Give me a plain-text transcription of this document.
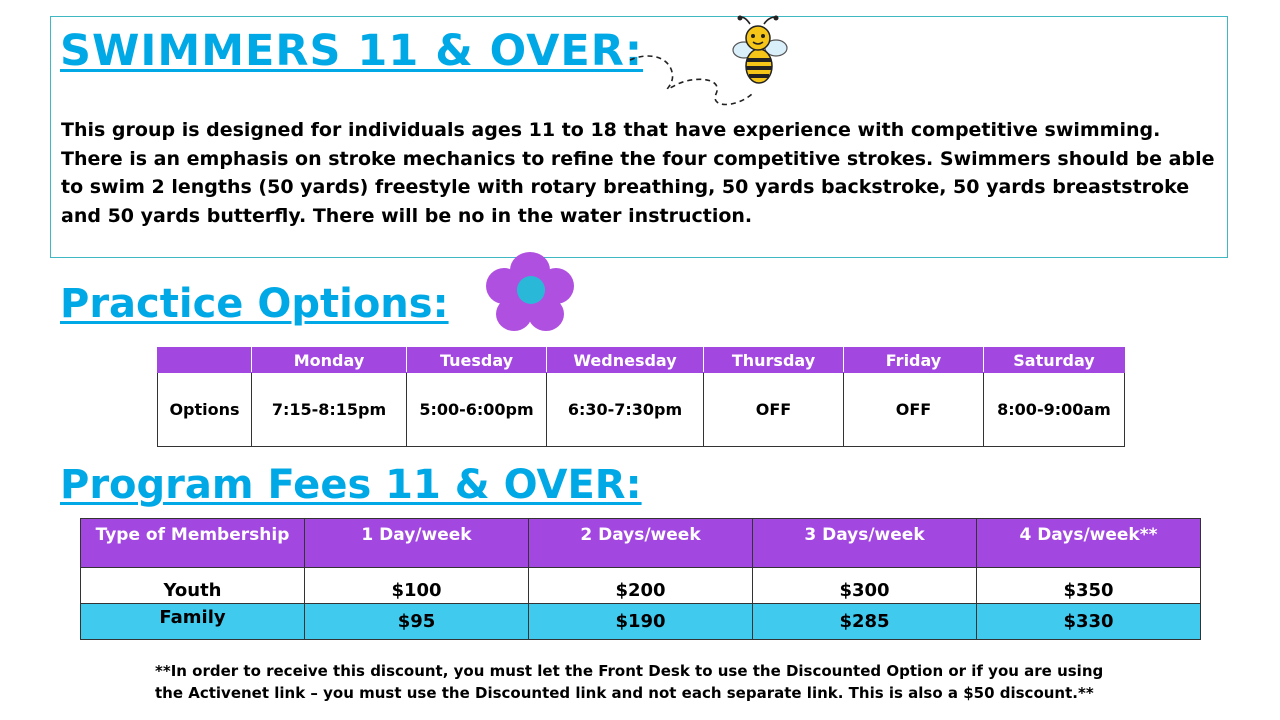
SWIMMERS 11 & OVER:

This group is designed for individuals ages 11 to 18 that have experience with competitive swimming. There is an emphasis on stroke mechanics to refine the four competitive strokes. Swimmers should be able to swim 2 lengths (50 yards) freestyle with rotary breathing, 50 yards backstroke, 50 yards breaststroke and 50 yards butterfly. There will be no in the water instruction.

Practice Options:
	Monday	Tuesday	Wednesday	Thursday	Friday	Saturday
Options	7:15-8:15pm	5:00-6:00pm	6:30-7:30pm	OFF	OFF	8:00-9:00am
Program Fees 11 & OVER:
Type of Membership	1 Day/week	2 Days/week	3 Days/week	4 Days/week**
Youth	$100	$200	$300	$350
Family	$95	$190	$285	$330

**In order to receive this discount, you must let the Front Desk to use the Discounted Option or if you are using
the Activenet link – you must use the Discounted link and not each separate link. This is also a $50 discount.**
